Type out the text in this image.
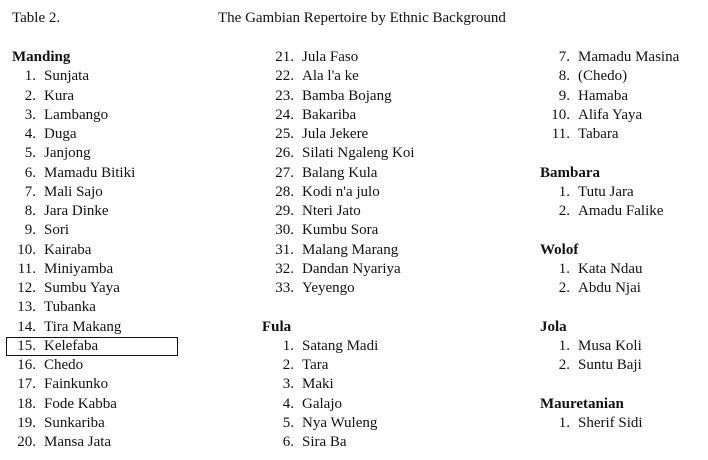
Table 2.	The Gambian Repertoire by Ethnic Background
Manding
1. Sunjata
2. Kura
3. Lambango
4. Duga
5. Janjong
6. Mamadu Bitiki
7. Mali Sajo
8. Jara Dinke
9. Sori
10. Kairaba
11. Miniyamba
12. Sumbu Yaya
13. Tubanka
14. Tira Makang
15. Kelefaba
16. Chedo
17. Fainkunko
18. Fode Kabba
19. Sunkariba
20. Mansa Jata
21. Jula Faso
22. Ala l'a ke
23. Bamba Bojang
24. Bakariba
25. Jula Jekere
26. Silati Ngaleng Koi
27. Balang Kula
28. Kodi n'a julo
29. Nteri Jato
30. Kumbu Sora
31. Malang Marang
32. Dandan Nyariya
33. Yeyengo
Fula
1. Satang Madi
2. Tara
3. Maki
4. Galajo
5. Nya Wuleng
6. Sira Ba
7. Mamadu Masina
8. (Chedo)
9. Hamaba
10. Alifa Yaya
11. Tabara
Bambara
1. Tutu Jara
2. Amadu Falike
Wolof
1. Kata Ndau
2. Abdu Njai
Jola
1. Musa Koli
2. Suntu Baji
Mauretanian
1. Sherif Sidi
